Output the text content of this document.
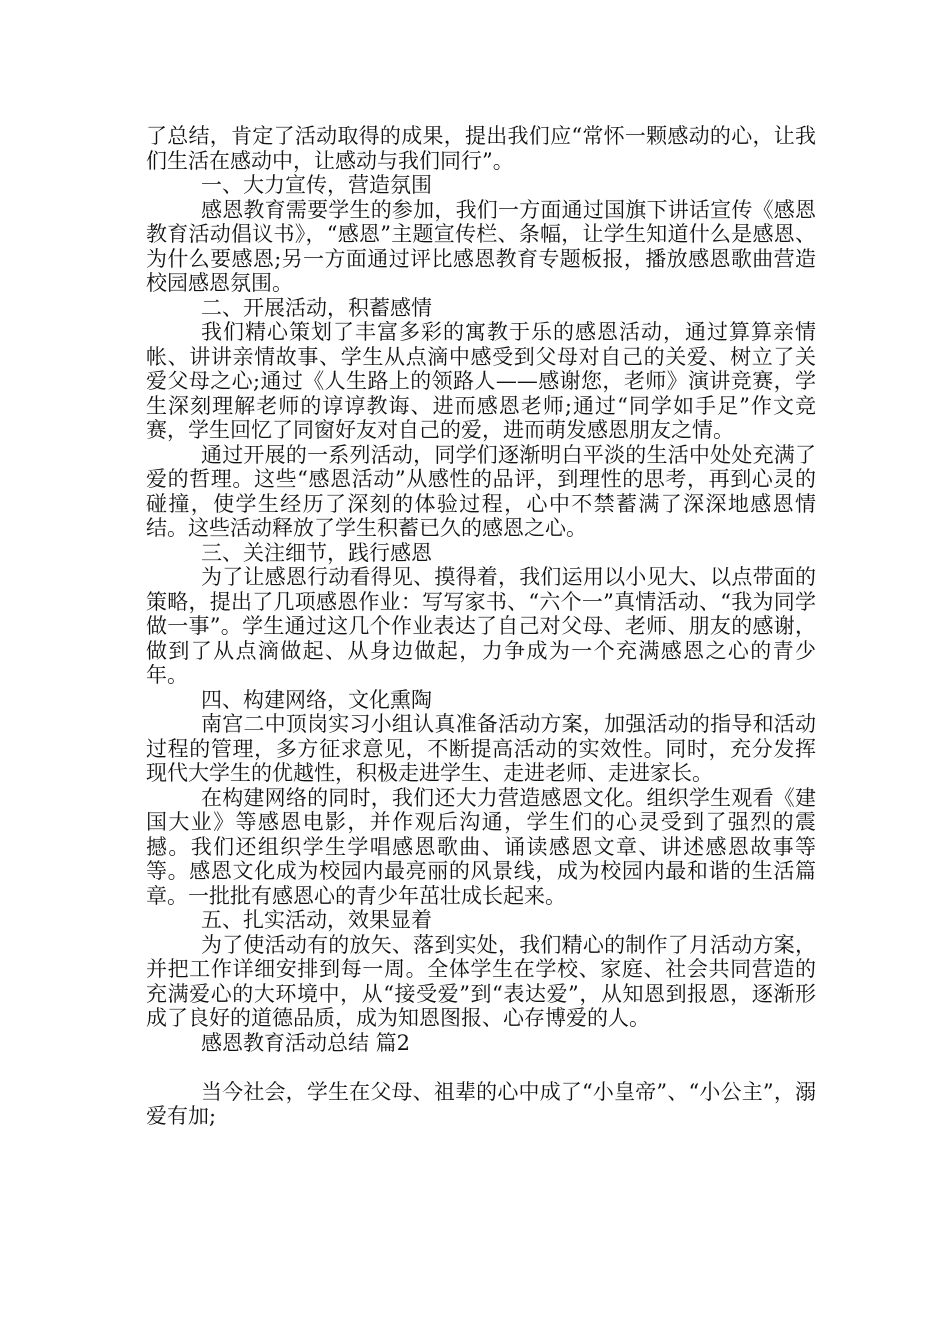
了总结，肯定了活动取得的成果，提出我们应“常怀一颗感动的心，让我们生活在感动中，让感动与我们同行”。

一、大力宣传，营造氛围

感恩教育需要学生的参加，我们一方面通过国旗下讲话宣传《感恩教育活动倡议书》，“感恩”主题宣传栏、条幅，让学生知道什么是感恩、为什么要感恩;另一方面通过评比感恩教育专题板报，播放感恩歌曲营造校园感恩氛围。

二、开展活动，积蓄感情

我们精心策划了丰富多彩的寓教于乐的感恩活动，通过算算亲情帐、讲讲亲情故事、学生从点滴中感受到父母对自己的关爱、树立了关爱父母之心;通过《人生路上的领路人——感谢您，老师》演讲竞赛，学生深刻理解老师的谆谆教诲、进而感恩老师;通过“同学如手足”作文竞赛，学生回忆了同窗好友对自己的爱，进而萌发感恩朋友之情。

通过开展的一系列活动，同学们逐渐明白平淡的生活中处处充满了爱的哲理。这些“感恩活动”从感性的品评，到理性的思考，再到心灵的碰撞，使学生经历了深刻的体验过程，心中不禁蓄满了深深地感恩情结。这些活动释放了学生积蓄已久的感恩之心。

三、关注细节，践行感恩

为了让感恩行动看得见、摸得着，我们运用以小见大、以点带面的策略，提出了几项感恩作业：写写家书、“六个一”真情活动、“我为同学做一事”。学生通过这几个作业表达了自己对父母、老师、朋友的感谢，做到了从点滴做起、从身边做起，力争成为一个充满感恩之心的青少年。

四、构建网络，文化熏陶

南宫二中顶岗实习小组认真准备活动方案，加强活动的指导和活动过程的管理，多方征求意见，不断提高活动的实效性。同时，充分发挥现代大学生的优越性，积极走进学生、走进老师、走进家长。

在构建网络的同时，我们还大力营造感恩文化。组织学生观看《建国大业》等感恩电影，并作观后沟通，学生们的心灵受到了强烈的震撼。我们还组织学生学唱感恩歌曲、诵读感恩文章、讲述感恩故事等等。感恩文化成为校园内最亮丽的风景线，成为校园内最和谐的生活篇章。一批批有感恩心的青少年茁壮成长起来。

五、扎实活动，效果显着

为了使活动有的放矢、落到实处，我们精心的制作了月活动方案，并把工作详细安排到每一周。全体学生在学校、家庭、社会共同营造的充满爱心的大环境中，从“接受爱”到“表达爱”，从知恩到报恩，逐渐形成了良好的道德品质，成为知恩图报、心存博爱的人。

感恩教育活动总结 篇2

当今社会，学生在父母、祖辈的心中成了“小皇帝”、“小公主”，溺爱有加;
